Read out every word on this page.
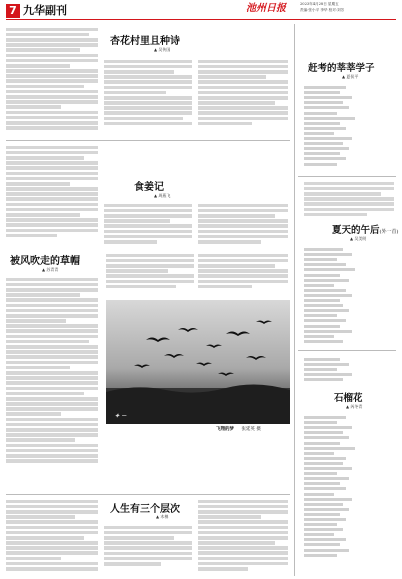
7 九华副刊	池州日报	2023年4月28日 星期五
责编:张小平 李华 校对:刘芳
杏花村里且种诗
▲ 吴传国
食姜记
▲ 周燕飞
被风吹走的草帽
▲ 苏青青
✦ ─
飞翔的梦 张延英 摄
人生有三个层次
▲ 木棉
赶考的莘莘学子
▲ 夏侯平
夏天的午后(外一首)
▲ 吴美明
石榴花
▲ 芮冬青
